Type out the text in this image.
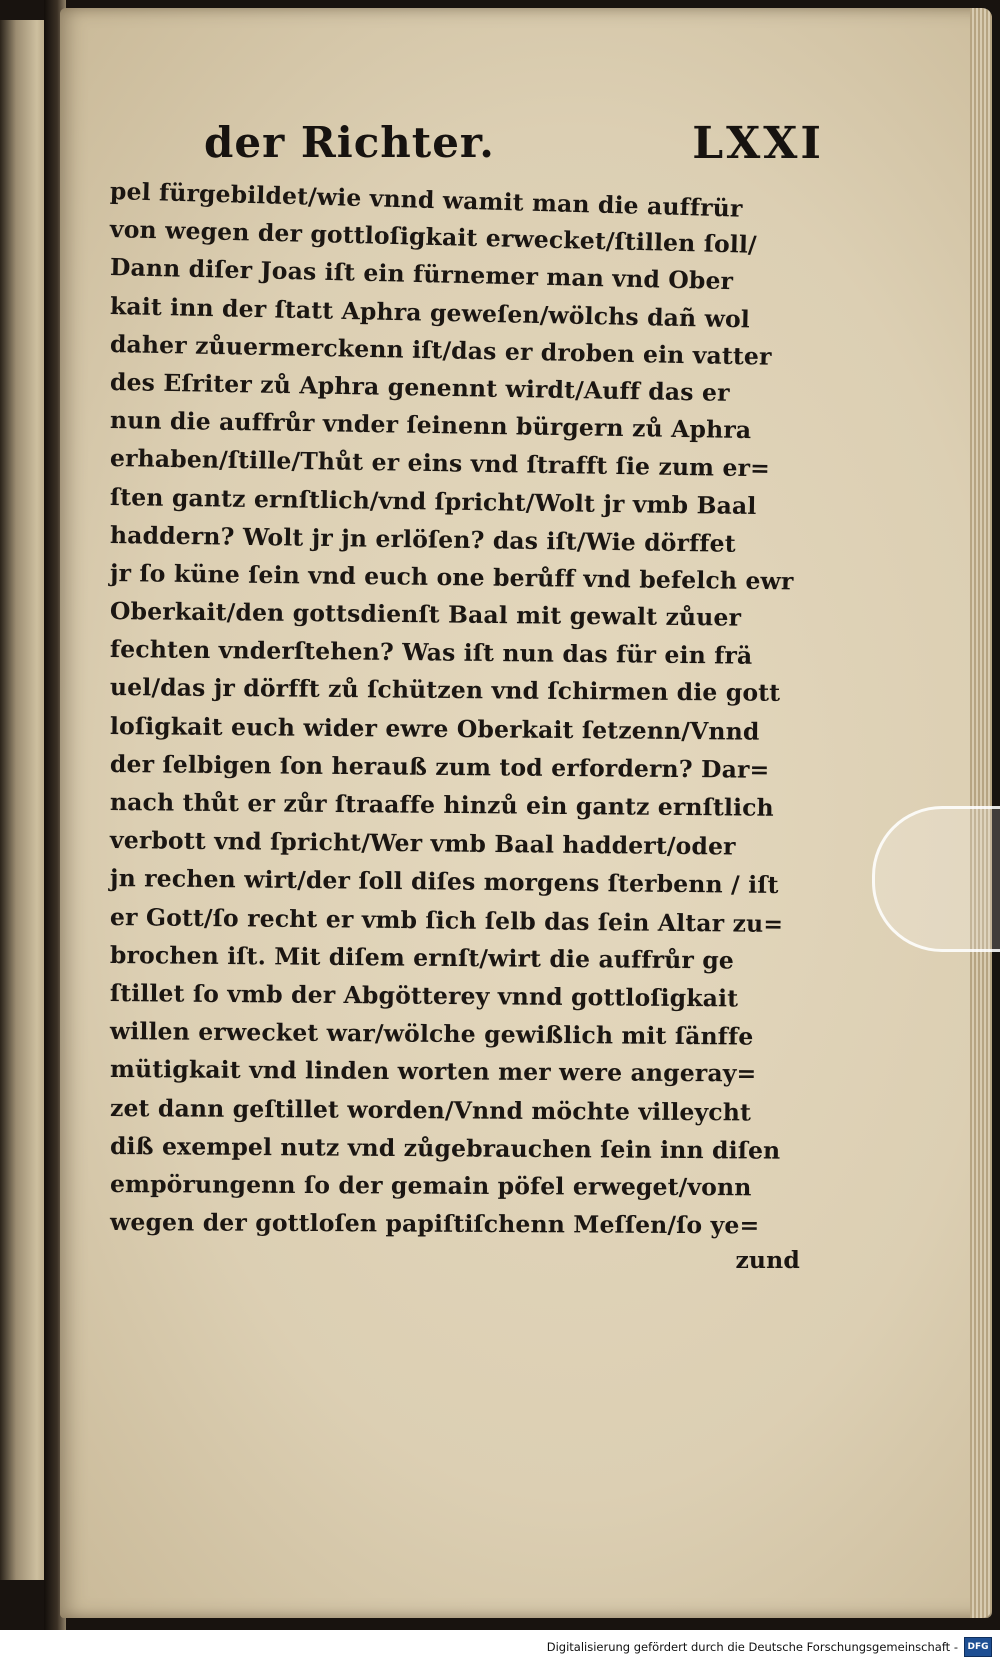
der Richter.	LXXI
pel fürgebildet/wie vnnd wamit man die auffrür
von wegen der gottloſigkait erwecket/ſtillen ſoll/
Dann diſer Joas iſt ein fürnemer man vnd Ober
kait inn der ſtatt Aphra geweſen/wölchs dañ wol
daher zůuermerckenn iſt/das er droben ein vatter
des Eſriter zů Aphra genennt wirdt/Auff das er
nun die auffrůr vnder ſeinenn bürgern zů Aphra
erhaben/ſtille/Thůt er eins vnd ſtrafft ſie zum er=
ſten gantz ernſtlich/vnd ſpricht/Wolt jr vmb Baal
haddern? Wolt jr jn erlöſen? das iſt/Wie dörffet
jr ſo küne ſein vnd euch one berůff vnd befelch ewr
Oberkait/den gottsdienſt Baal mit gewalt zůuer
fechten vnderſtehen? Was iſt nun das für ein frä
uel/das jr dörfft zů ſchützen vnd ſchirmen die gott
loſigkait euch wider ewre Oberkait ſetzenn/Vnnd
der ſelbigen ſon herauß zum tod erfordern? Dar=
nach thůt er zůr ſtraaffe hinzů ein gantz ernſtlich
verbott vnd ſpricht/Wer vmb Baal haddert/oder
jn rechen wirt/der ſoll diſes morgens ſterbenn / iſt
er Gott/ſo recht er vmb ſich ſelb das ſein Altar zu=
brochen iſt. Mit diſem ernſt/wirt die auffrůr ge
ſtillet ſo vmb der Abgötterey vnnd gottloſigkait
willen erwecket war/wölche gewißlich mit ſänffe
mütigkait vnd linden worten mer were angeray=
zet dann geſtillet worden/Vnnd möchte villeycht
diß exempel nutz vnd zůgebrauchen ſein inn diſen
empörungenn ſo der gemain pöfel erweget/vonn
wegen der gottloſen papiſtiſchenn Meſſen/ſo ye=
zund
Digitalisierung gefördert durch die Deutsche Forschungsgemeinschaft -	DFG
